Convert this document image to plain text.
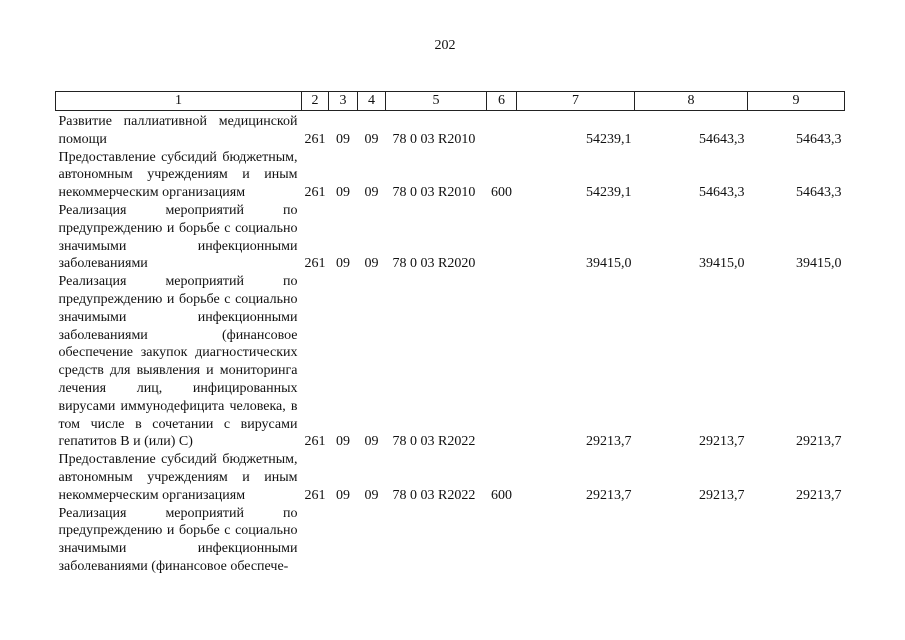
202
1	2	3	4	5	6	7	8	9

Развитие паллиативной медицинской помощи	261	09	09	78 0 03 R2010		54239,1	54643,3	54643,3
Предоставление субсидий бюджетным, автономным учреждениям и иным некоммерческим организациям	261	09	09	78 0 03 R2010	600	54239,1	54643,3	54643,3
Реализация мероприятий по предупреждению и борьбе с социально значимыми инфекционными заболеваниями	261	09	09	78 0 03 R2020		39415,0	39415,0	39415,0
Реализация мероприятий по предупреждению и борьбе с социально значимыми инфекционными заболеваниями (финансовое обеспечение закупок диагностических средств для выявления и мониторинга лечения лиц, инфицированных вирусами иммунодефицита человека, в том числе в сочетании с вирусами гепатитов B и (или) C)	261	09	09	78 0 03 R2022		29213,7	29213,7	29213,7
Предоставление субсидий бюджетным, автономным учреждениям и иным некоммерческим организациям	261	09	09	78 0 03 R2022	600	29213,7	29213,7	29213,7
Реализация мероприятий по предупреждению и борьбе с социально значимыми инфекционными заболеваниями (финансовое обеспече-								
